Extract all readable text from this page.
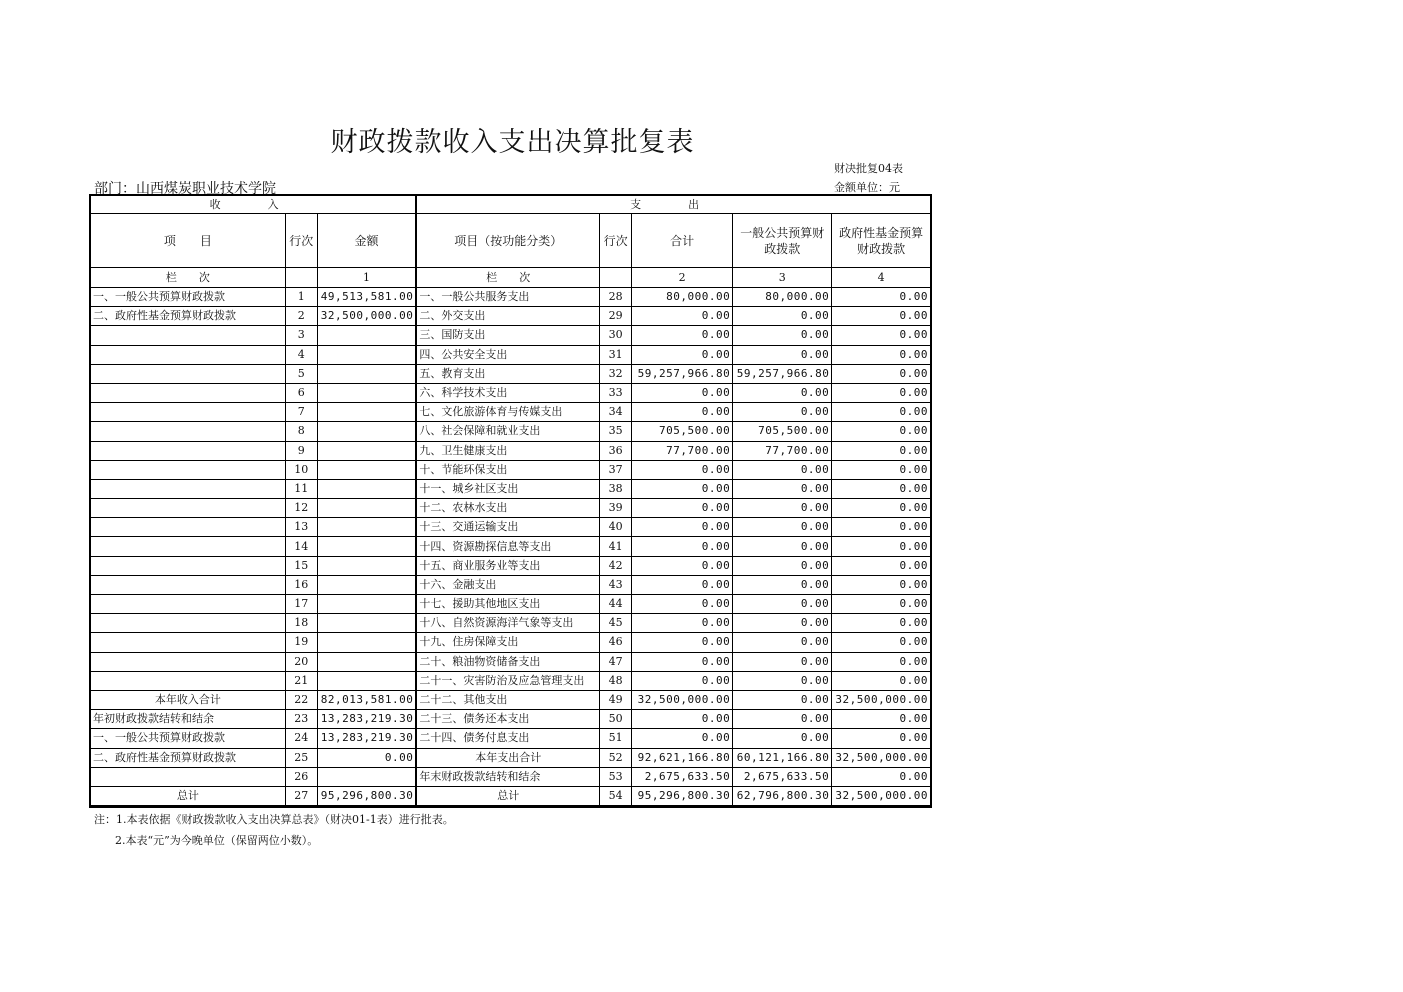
财政拨款收入支出决算批复表
财决批复04表
金额单位：元
部门：山西煤炭职业技术学院
收　入			支　出				
项　　目	行次	金额	项目（按功能分类）	行次	合计	一般公共预算财政拨款	政府性基金预算财政拨款
栏　　次		1	栏　　次		2	3	4
一、一般公共预算财政拨款	1	49,513,581.00	一、一般公共服务支出	28	80,000.00	80,000.00	0.00
二、政府性基金预算财政拨款	2	32,500,000.00	二、外交支出	29	0.00	0.00	0.00
	3		三、国防支出	30	0.00	0.00	0.00
	4		四、公共安全支出	31	0.00	0.00	0.00
	5		五、教育支出	32	59,257,966.80	59,257,966.80	0.00
	6		六、科学技术支出	33	0.00	0.00	0.00
	7		七、文化旅游体育与传媒支出	34	0.00	0.00	0.00
	8		八、社会保障和就业支出	35	705,500.00	705,500.00	0.00
	9		九、卫生健康支出	36	77,700.00	77,700.00	0.00
	10		十、节能环保支出	37	0.00	0.00	0.00
	11		十一、城乡社区支出	38	0.00	0.00	0.00
	12		十二、农林水支出	39	0.00	0.00	0.00
	13		十三、交通运输支出	40	0.00	0.00	0.00
	14		十四、资源勘探信息等支出	41	0.00	0.00	0.00
	15		十五、商业服务业等支出	42	0.00	0.00	0.00
	16		十六、金融支出	43	0.00	0.00	0.00
	17		十七、援助其他地区支出	44	0.00	0.00	0.00
	18		十八、自然资源海洋气象等支出	45	0.00	0.00	0.00
	19		十九、住房保障支出	46	0.00	0.00	0.00
	20		二十、粮油物资储备支出	47	0.00	0.00	0.00
	21		二十一、灾害防治及应急管理支出	48	0.00	0.00	0.00
本年收入合计	22	82,013,581.00	二十二、其他支出	49	32,500,000.00	0.00	32,500,000.00
年初财政拨款结转和结余	23	13,283,219.30	二十三、债务还本支出	50	0.00	0.00	0.00
一、一般公共预算财政拨款	24	13,283,219.30	二十四、债务付息支出	51	0.00	0.00	0.00
二、政府性基金预算财政拨款	25	0.00	本年支出合计	52	92,621,166.80	60,121,166.80	32,500,000.00
	26		年末财政拨款结转和结余	53	2,675,633.50	2,675,633.50	0.00
总计	27	95,296,800.30	总计	54	95,296,800.30	62,796,800.30	32,500,000.00
注：1.本表依据《财政拨款收入支出决算总表》（财决01-1表）进行批表。
2.本表“元”为今晚单位（保留两位小数）。
